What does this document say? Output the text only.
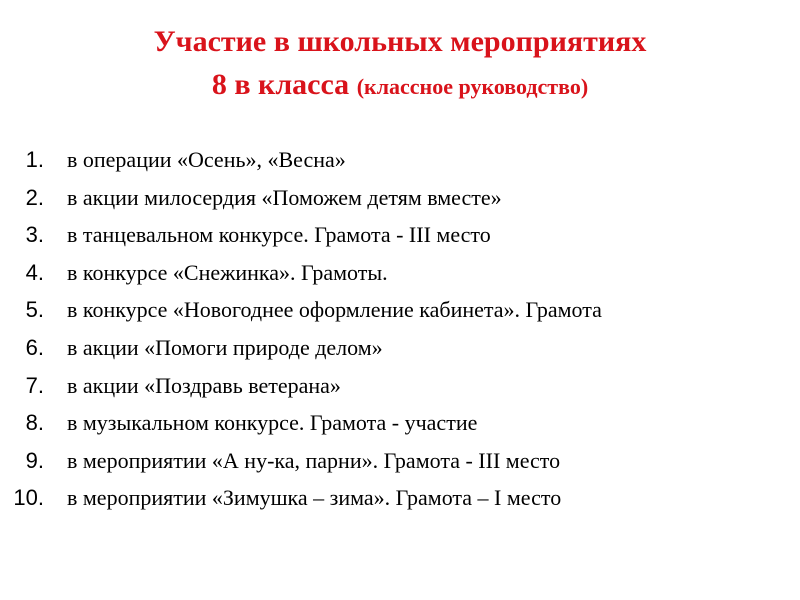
Участие в школьных мероприятиях
8 в класса (классное руководство)
1. в операции «Осень», «Весна»
2. в акции милосердия «Поможем детям вместе»
3. в танцевальном конкурсе. Грамота - III место
4. в конкурсе «Снежинка». Грамоты.
5. в конкурсе «Новогоднее оформление кабинета». Грамота
6. в акции «Помоги природе делом»
7. в акции «Поздравь ветерана»
8. в музыкальном конкурсе. Грамота - участие
9. в мероприятии «А ну-ка, парни». Грамота - III место
10. в мероприятии «Зимушка – зима». Грамота – I место
